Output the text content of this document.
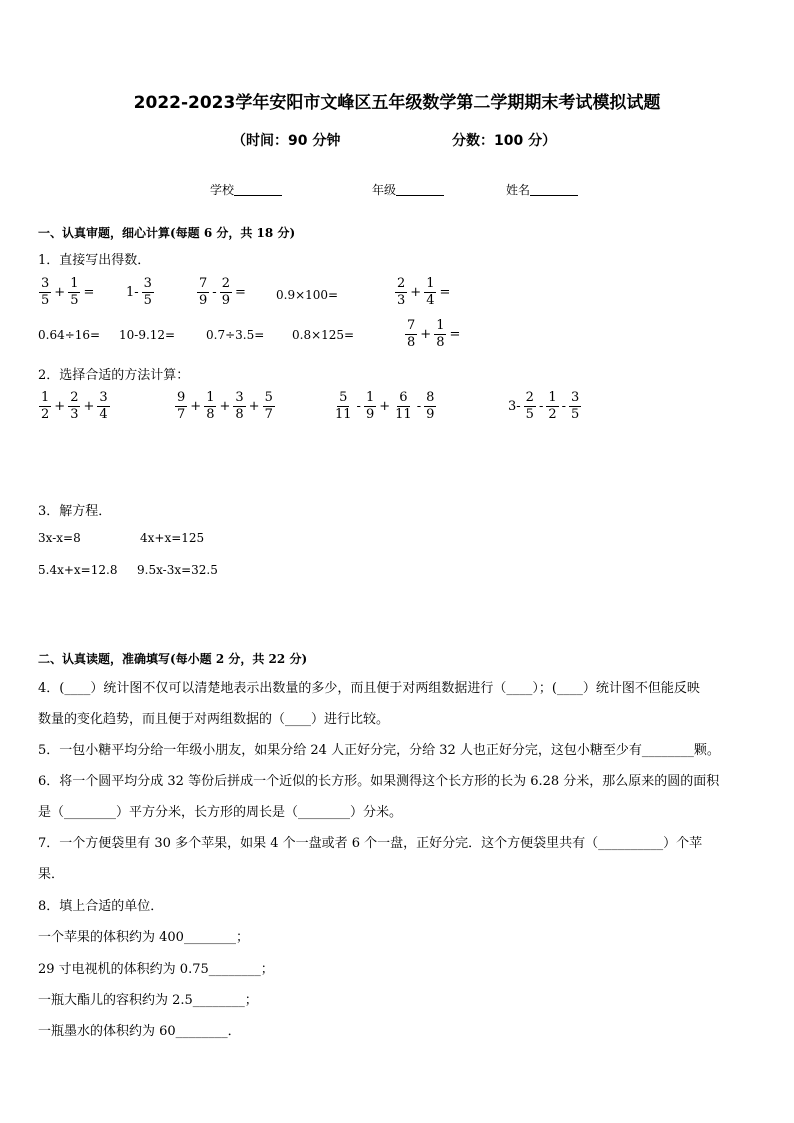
2022-2023学年安阳市文峰区五年级数学第二学期期末考试模拟试题
（时间：90 分钟	分数：100 分）
学校	年级	姓名
一、认真审题，细心计算(每题 6 分，共 18 分)
1．直接写出得数．
$\frac{3}{5} + \frac{1}{5} = 1- \frac{3}{5}$	$\frac{7}{9} - \frac{2}{9}$ =	0.9×100=	$\frac{2}{3} + \frac{1}{4}$ =
0.64÷16= 10-9.12=	0.7÷3.5= 0.8×125=	$\frac{7}{8} + \frac{1}{8}$ =
2．选择合适的方法计算：
$\frac{1}{2} + \frac{2}{3} + \frac{3}{4}$	$\frac{9}{7} + \frac{1}{8} + \frac{3}{8} + \frac{5}{7}$	$\frac{5}{11} - \frac{1}{9} + \frac{6}{11} - \frac{8}{9}$	$3- \frac{2}{5} - \frac{1}{2} - \frac{3}{5}$
3．解方程．
3x-x=8	4x+x=125
5.4x+x=12.8 9.5x-3x=32.5
二、认真读题，准确填写(每小题 2 分，共 22 分)
4．(____）统计图不仅可以清楚地表示出数量的多少，而且便于对两组数据进行（____）；(____）统计图不但能反映
数量的变化趋势，而且便于对两组数据的（____）进行比较。
5．一包小糖平均分给一年级小朋友，如果分给 24 人正好分完，分给 32 人也正好分完，这包小糖至少有________颗。
6．将一个圆平均分成 32 等份后拼成一个近似的长方形。如果测得这个长方形的长为 6.28 分米，那么原来的圆的面积
是（________）平方分米，长方形的周长是（________）分米。
7．一个方便袋里有 30 多个苹果，如果 4 个一盘或者 6 个一盘，正好分完．这个方便袋里共有（__________）个苹
果．
8．填上合适的单位．
一个苹果的体积约为 400________；
29 寸电视机的体积约为 0.75________；
一瓶大酯儿的容积约为 2.5________；
一瓶墨水的体积约为 60________．
